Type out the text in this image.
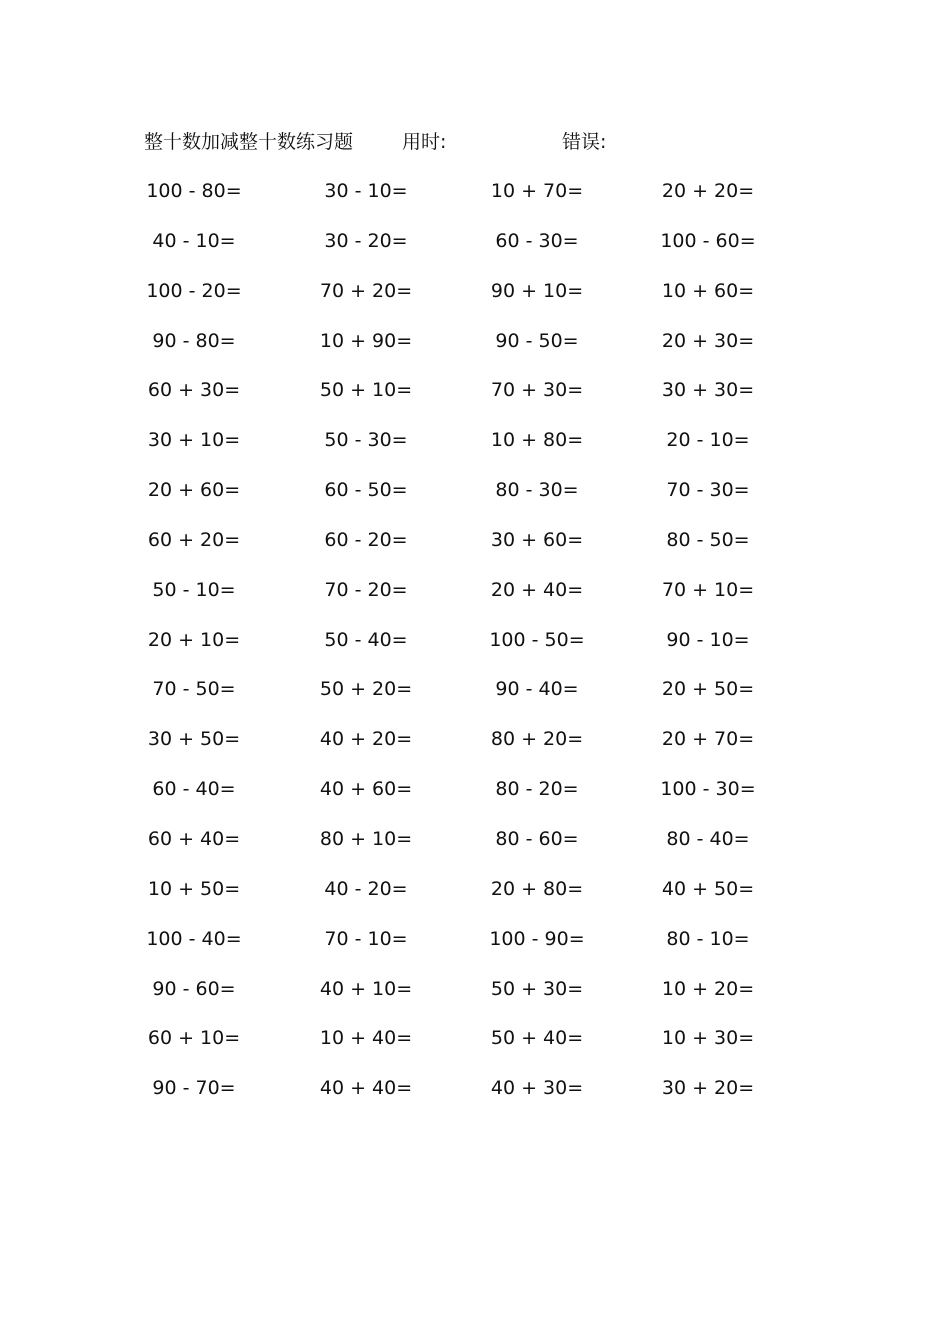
整十数加减整十数练习题	用时:	错误:
100 - 80=	30 - 10=	10 + 70=	20 + 20=
40 - 10=	30 - 20=	60 - 30=	100 - 60=
100 - 20=	70 + 20=	90 + 10=	10 + 60=
90 - 80=	10 + 90=	90 - 50=	20 + 30=
60 + 30=	50 + 10=	70 + 30=	30 + 30=
30 + 10=	50 - 30=	10 + 80=	20 - 10=
20 + 60=	60 - 50=	80 - 30=	70 - 30=
60 + 20=	60 - 20=	30 + 60=	80 - 50=
50 - 10=	70 - 20=	20 + 40=	70 + 10=
20 + 10=	50 - 40=	100 - 50=	90 - 10=
70 - 50=	50 + 20=	90 - 40=	20 + 50=
30 + 50=	40 + 20=	80 + 20=	20 + 70=
60 - 40=	40 + 60=	80 - 20=	100 - 30=
60 + 40=	80 + 10=	80 - 60=	80 - 40=
10 + 50=	40 - 20=	20 + 80=	40 + 50=
100 - 40=	70 - 10=	100 - 90=	80 - 10=
90 - 60=	40 + 10=	50 + 30=	10 + 20=
60 + 10=	10 + 40=	50 + 40=	10 + 30=
90 - 70=	40 + 40=	40 + 30=	30 + 20=
